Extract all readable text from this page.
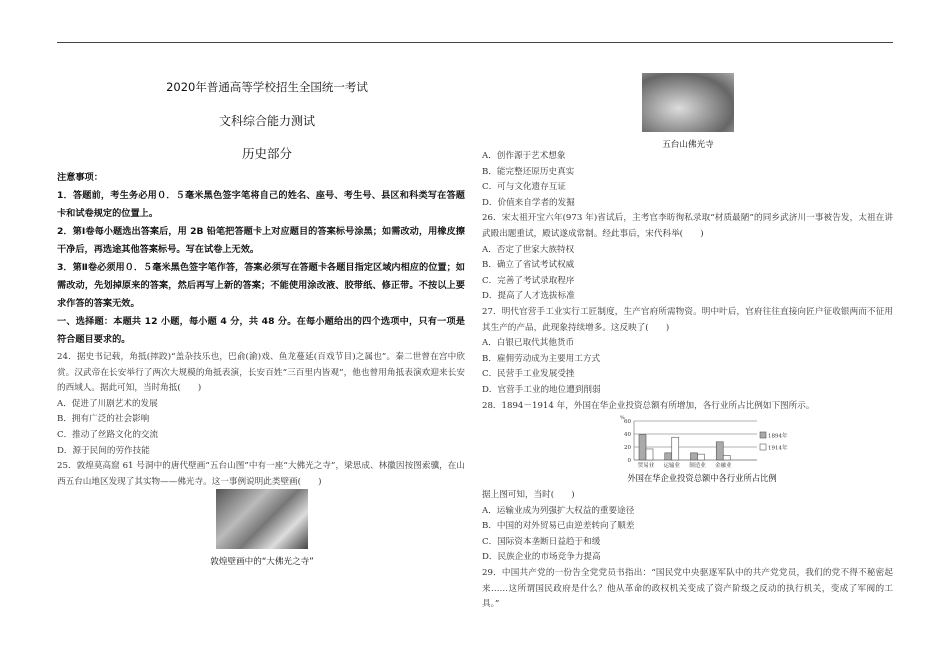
2020年普通高等学校招生全国统一考试
文科综合能力测试
历史部分

注意事项：

1．答题前，考生务必用０．５毫米黑色签字笔将自己的姓名、座号、考生号、县区和科类写在答题卡和试卷规定的位置上。

2．第Ⅰ卷每小题选出答案后，用 2B 铅笔把答题卡上对应题目的答案标号涂黑；如需改动，用橡皮擦干净后，再选途其他答案标号。写在试卷上无效。

3．第Ⅱ卷必须用０．５毫米黑色签字笔作答，答案必须写在答题卡各题目指定区域内相应的位置；如需改动，先划掉原来的答案，然后再写上新的答案；不能使用涂改液、胶带纸、修正带。不按以上要求作答的答案无效。

一、选择题：本题共 12 小题，每小题 4 分，共 48 分。在每小题给出的四个选项中，只有一项是符合题目要求的。

24．据史书记载，角抵(摔跤)“盖杂技乐也，巴俞(渝)戏、鱼龙蔓延(百戏节目)之属也”。秦二世曾在宫中欣赏。汉武帝在长安举行了两次大规模的角抵表演，长安百姓“三百里内皆观”，他也曾用角抵表演欢迎来长安的西域人。据此可知，当时角抵(　　)

A．促进了川剧艺术的发展

B．拥有广泛的社会影响

C．推动了丝路文化的交流

D．源于民间的劳作技能

25．敦煌莫高窟 61 号洞中的唐代壁画“五台山图”中有一座“大佛光之寺”，梁思成、林徽因按图索骥，在山西五台山地区发现了其实物——佛光寺。这一事例说明此类壁画(　　)

敦煌壁画中的“大佛光之寺”
五台山佛光寺

A．创作源于艺术想象

B．能完整还原历史真实

C．可与文化遗存互证

D．价值来自学者的发掘

26．宋太祖开宝六年(973 年)省试后，主考官李昉徇私录取“材质最陋”的同乡武济川一事被告发，太祖在讲武殿出题重试，殿试遂成常制。经此事后，宋代科举(　　)

A．否定了世家大族特权

B．确立了省试考试权威

C．完善了考试录取程序

D．提高了人才选拔标准

27．明代官营手工业实行工匠制度，生产官府所需物资。明中叶后，官府往往直接向匠户征收银两而不征用其生产的产品，此现象持续增多。这反映了(　　)

A．白银已取代其他货币

B．雇佣劳动成为主要用工方式

C．民营手工业发展受挫

D．官营手工业的地位遭到削弱

28．1894－1914 年，外国在华企业投资总额有所增加，各行业所占比例如下图所示。

%
0
20
40
60
贸易业 运输业 制造业 金融业
1894年
1914年
外国在华企业投资总额中各行业所占比例

据上图可知，当时(　　)

A．运输业成为列强扩大权益的重要途径

B．中国的对外贸易已由逆差转向了顺差

C．国际资本垄断日益趋于和缓

D．民族企业的市场竞争力提高

29．中国共产党的一份告全党党员书指出：“国民党中央驱逐军队中的共产党党员，我们的党不得不秘密起来……这所谓国民政府是什么？他从革命的政权机关变成了资产阶级之反动的执行机关，变成了军阀的工具。”
